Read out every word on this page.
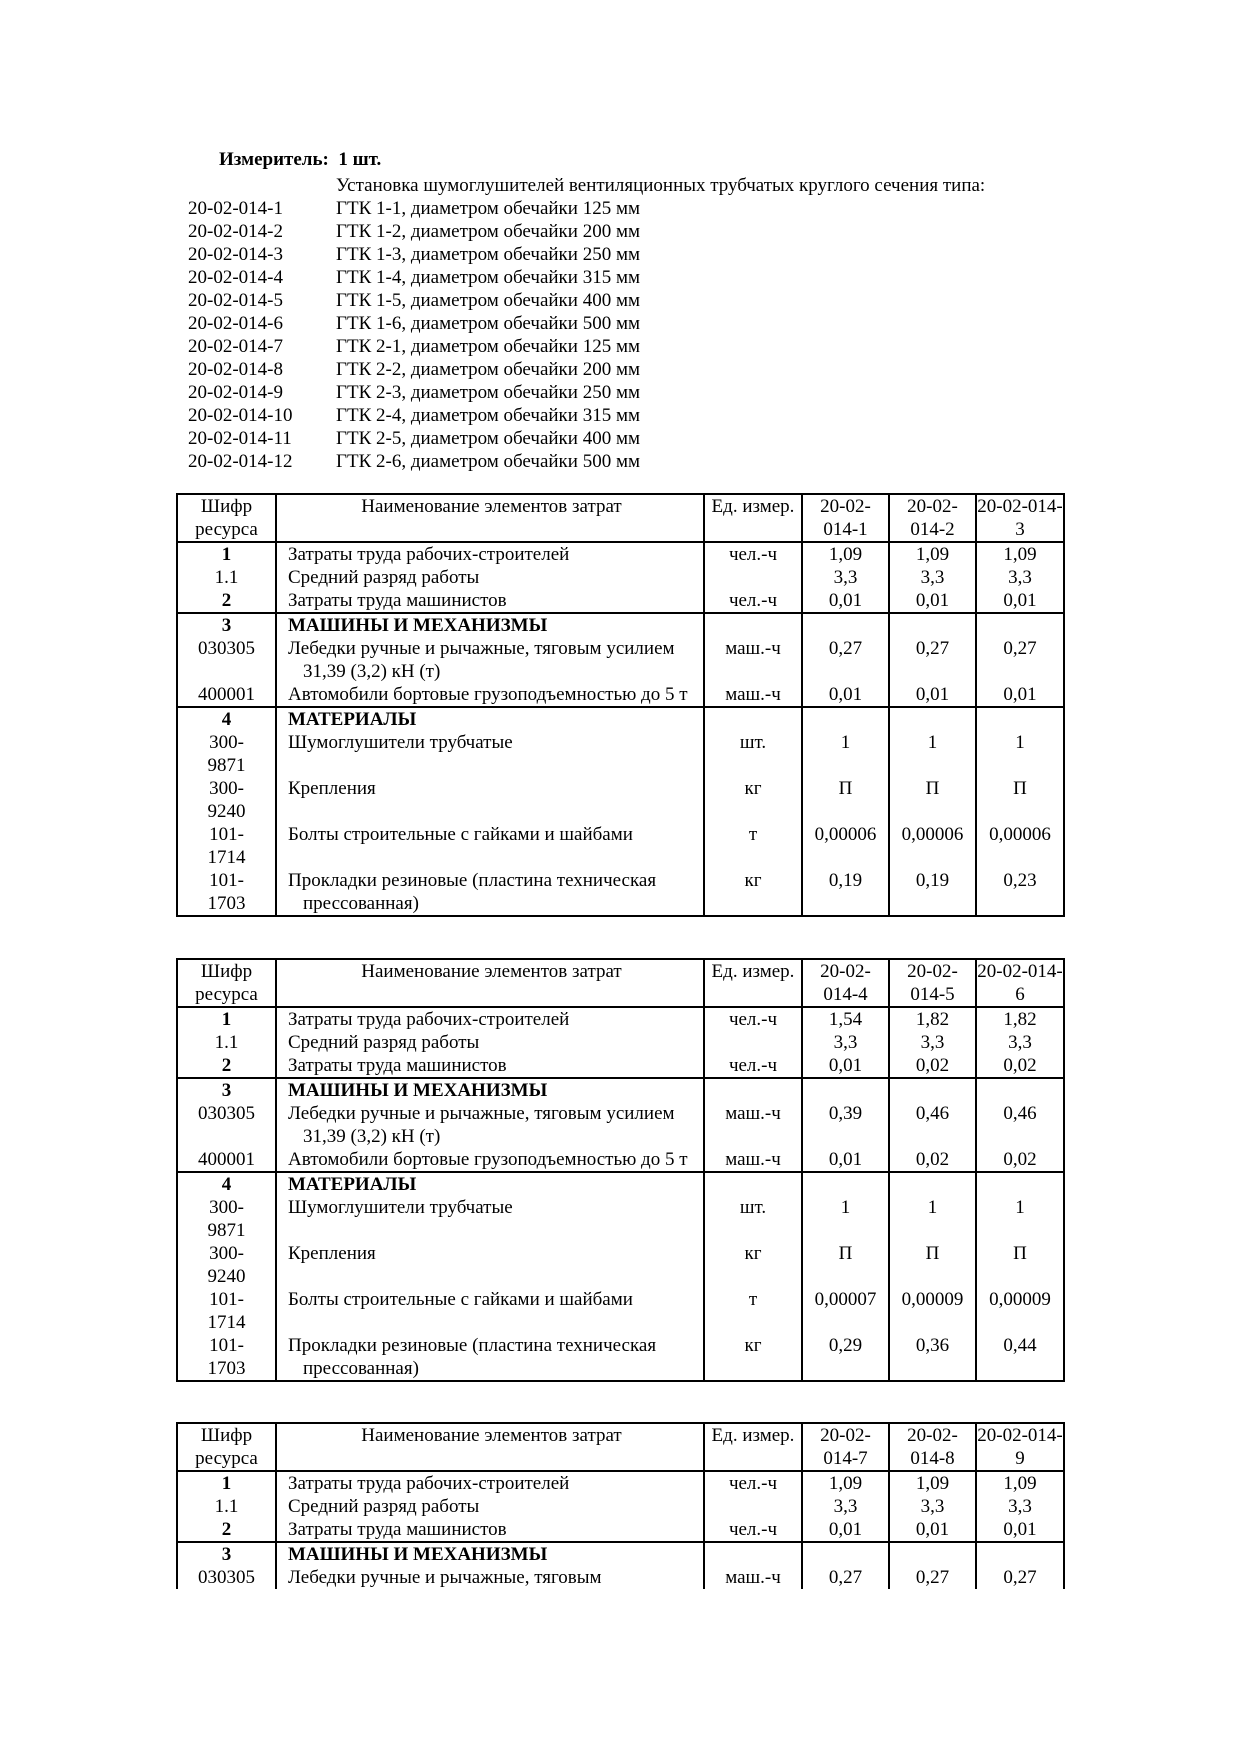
Измеритель: 1 шт.
Установка шумоглушителей вентиляционных трубчатых круглого сечения типа:
20-02-014-1	ГТК 1-1, диаметром обечайки 125 мм
20-02-014-2	ГТК 1-2, диаметром обечайки 200 мм
20-02-014-3	ГТК 1-3, диаметром обечайки 250 мм
20-02-014-4	ГТК 1-4, диаметром обечайки 315 мм
20-02-014-5	ГТК 1-5, диаметром обечайки 400 мм
20-02-014-6	ГТК 1-6, диаметром обечайки 500 мм
20-02-014-7	ГТК 2-1, диаметром обечайки 125 мм
20-02-014-8	ГТК 2-2, диаметром обечайки 200 мм
20-02-014-9	ГТК 2-3, диаметром обечайки 250 мм
20-02-014-10	ГТК 2-4, диаметром обечайки 315 мм
20-02-014-11	ГТК 2-5, диаметром обечайки 400 мм
20-02-014-12	ГТК 2-6, диаметром обечайки 500 мм
Шифр ресурса	Наименование элементов затрат	Ед. измер.	20-02-014-1	20-02-014-2	20-02-014-3
1	Затраты труда рабочих-строителей	чел.-ч	1,09	1,09	1,09
1.1	Средний разряд работы		3,3	3,3	3,3
2	Затраты труда машинистов	чел.-ч	0,01	0,01	0,01
3	МАШИНЫ И МЕХАНИЗМЫ				

030305	Лебедки ручные и рычажные, тяговым усилием 31,39 (3,2) кН (т)	маш.-ч	0,27	0,27	0,27
400001	Автомобили бортовые грузоподъемностью до 5 т	маш.-ч	0,01	0,01	0,01
4	МАТЕРИАЛЫ				

300-9871	Шумоглушители трубчатые	шт.	1	1	1
300-9240	Крепления	кг	П	П	П
101-1714	Болты строительные с гайками и шайбами	т	0,00006	0,00006	0,00006
101-1703	Прокладки резиновые (пластина техническая прессованная)	кг	0,19	0,19	0,23
Шифр ресурса	Наименование элементов затрат	Ед. измер.	20-02-014-4	20-02-014-5	20-02-014-6
1	Затраты труда рабочих-строителей	чел.-ч	1,54	1,82	1,82
1.1	Средний разряд работы		3,3	3,3	3,3
2	Затраты труда машинистов	чел.-ч	0,01	0,02	0,02
3	МАШИНЫ И МЕХАНИЗМЫ				

030305	Лебедки ручные и рычажные, тяговым усилием 31,39 (3,2) кН (т)	маш.-ч	0,39	0,46	0,46
400001	Автомобили бортовые грузоподъемностью до 5 т	маш.-ч	0,01	0,02	0,02
4	МАТЕРИАЛЫ				

300-9871	Шумоглушители трубчатые	шт.	1	1	1
300-9240	Крепления	кг	П	П	П
101-1714	Болты строительные с гайками и шайбами	т	0,00007	0,00009	0,00009
101-1703	Прокладки резиновые (пластина техническая прессованная)	кг	0,29	0,36	0,44
Шифр ресурса	Наименование элементов затрат	Ед. измер.	20-02-014-7	20-02-014-8	20-02-014-9
1	Затраты труда рабочих-строителей	чел.-ч	1,09	1,09	1,09
1.1	Средний разряд работы		3,3	3,3	3,3
2	Затраты труда машинистов	чел.-ч	0,01	0,01	0,01
3	МАШИНЫ И МЕХАНИЗМЫ				

030305	Лебедки ручные и рычажные, тяговым	маш.-ч	0,27	0,27	0,27
